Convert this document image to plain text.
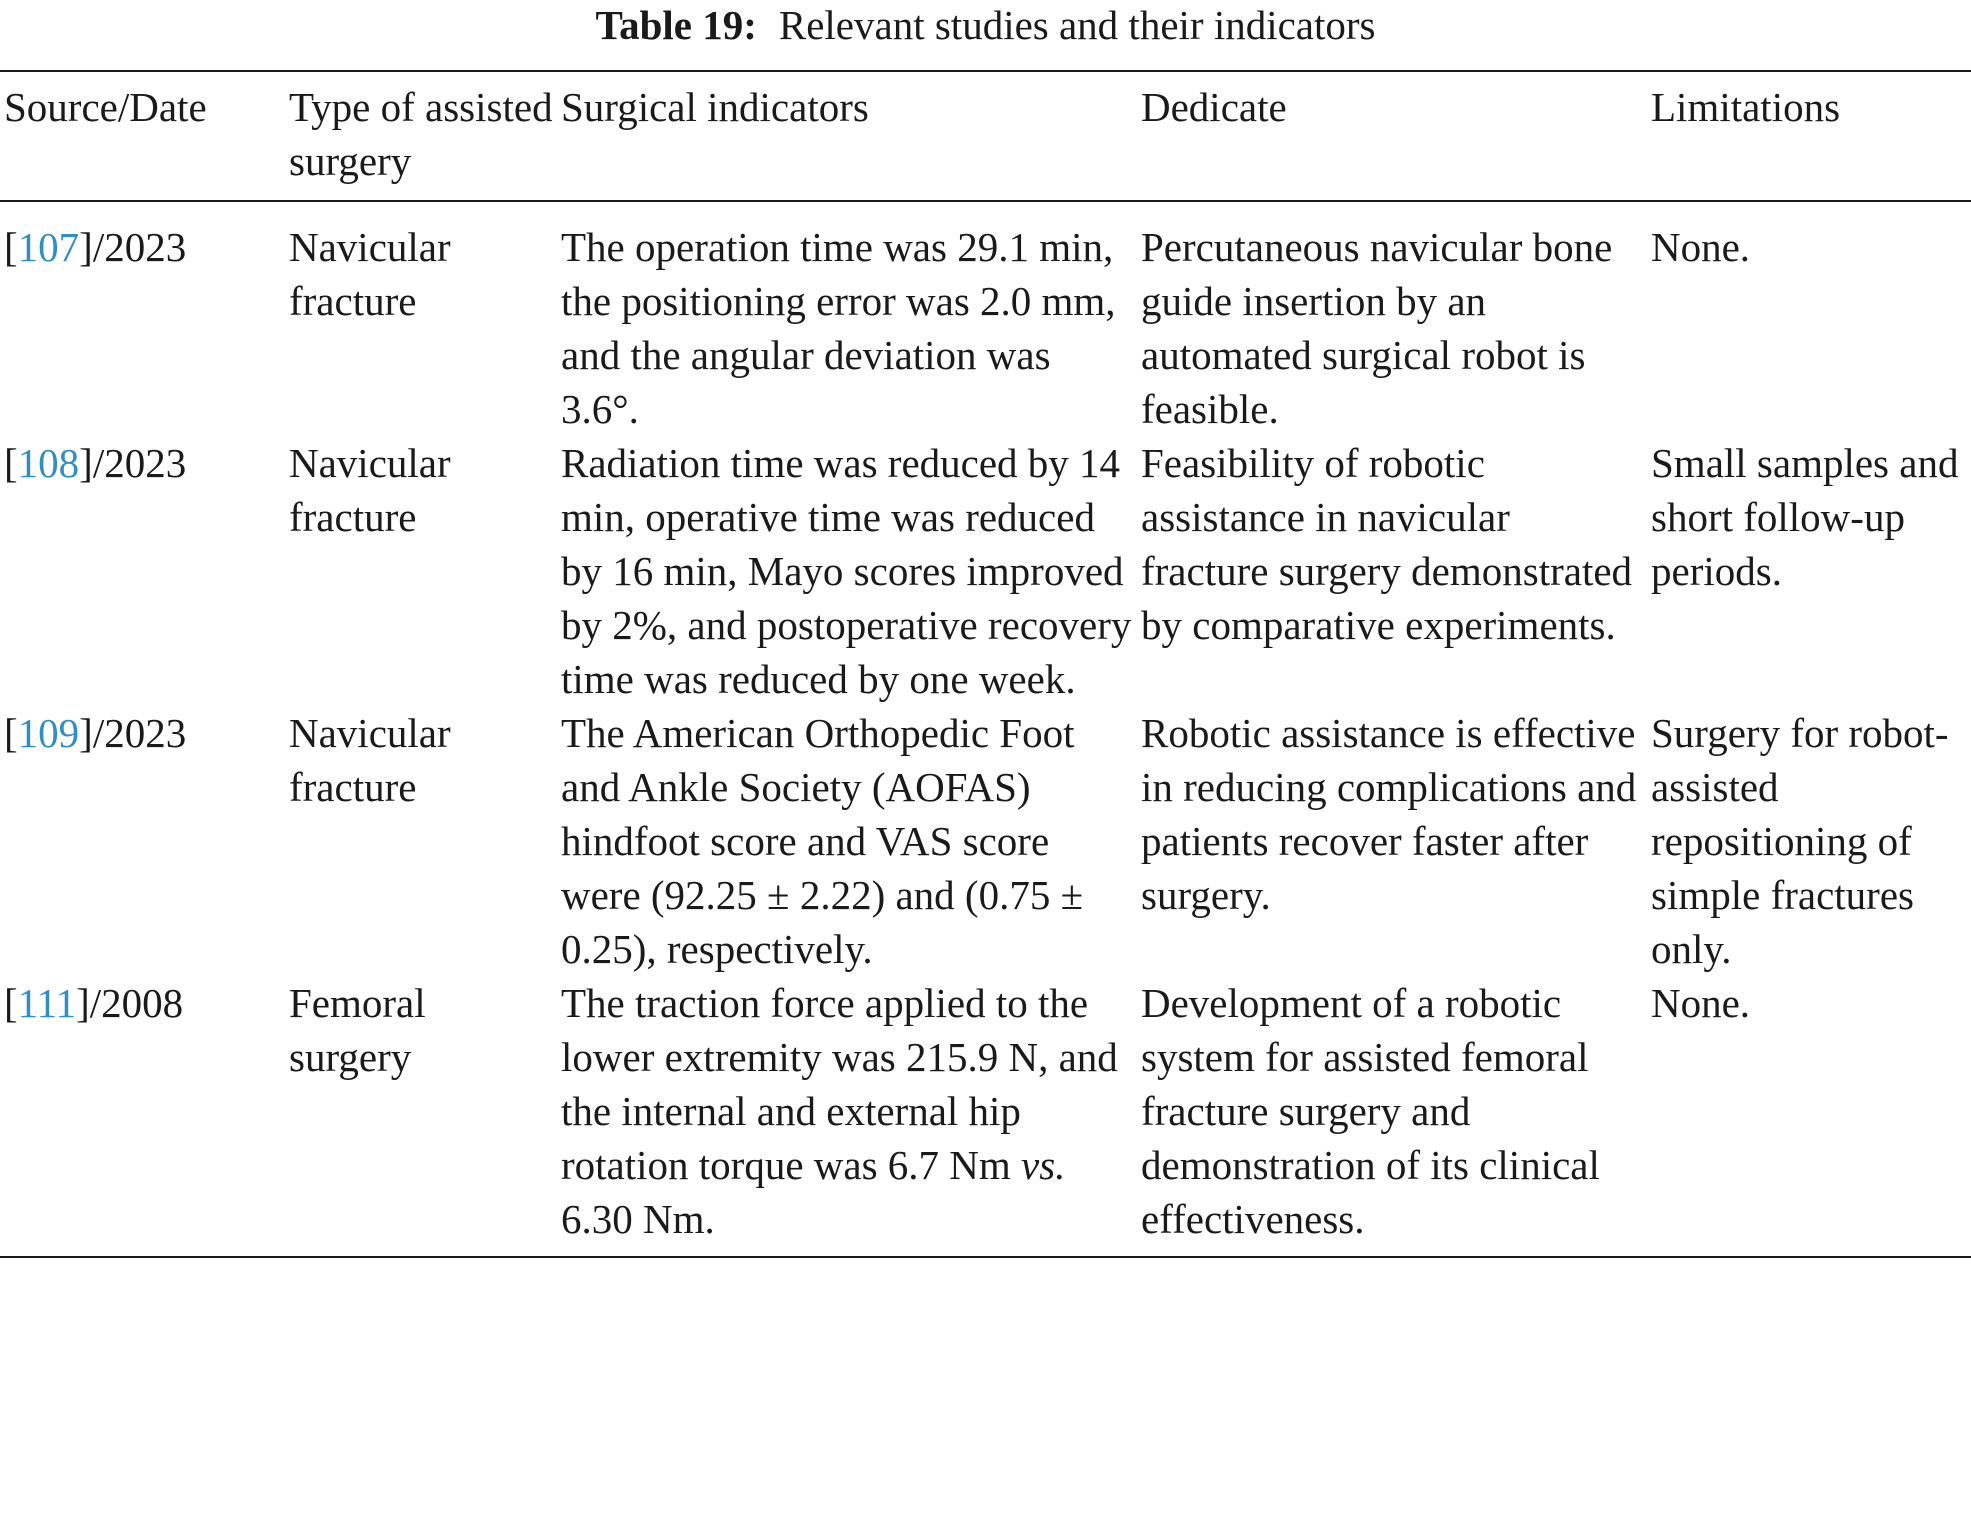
Table 19: Relevant studies and their indicators
Source/Date	Type of assisted surgery	Surgical indicators	Dedicate	Limitations
[107]/2023	Navicular fracture	The operation time was 29.1 min, the positioning error was 2.0 mm, and the angular deviation was 3.6°.	Percutaneous navicular bone guide insertion by an automated surgical robot is feasible.	None.
[108]/2023	Navicular fracture	Radiation time was reduced by 14 min, operative time was reduced by 16 min, Mayo scores improved by 2%, and postoperative recovery time was reduced by one week.	Feasibility of robotic assistance in navicular fracture surgery demonstrated by comparative experiments.	Small samples and short follow-up periods.
[109]/2023	Navicular fracture	The American Orthopedic Foot and Ankle Society (AOFAS) hindfoot score and VAS score were (92.25 ± 2.22) and (0.75 ± 0.25), respectively.	Robotic assistance is effective in reducing complications and patients recover faster after surgery.	Surgery for robot-assisted repositioning of simple fractures only.
[111]/2008	Femoral surgery	The traction force applied to the lower extremity was 215.9 N, and the internal and external hip rotation torque was 6.7 Nm vs. 6.30 Nm.	Development of a robotic system for assisted femoral fracture surgery and demonstration of its clinical effectiveness.	None.
